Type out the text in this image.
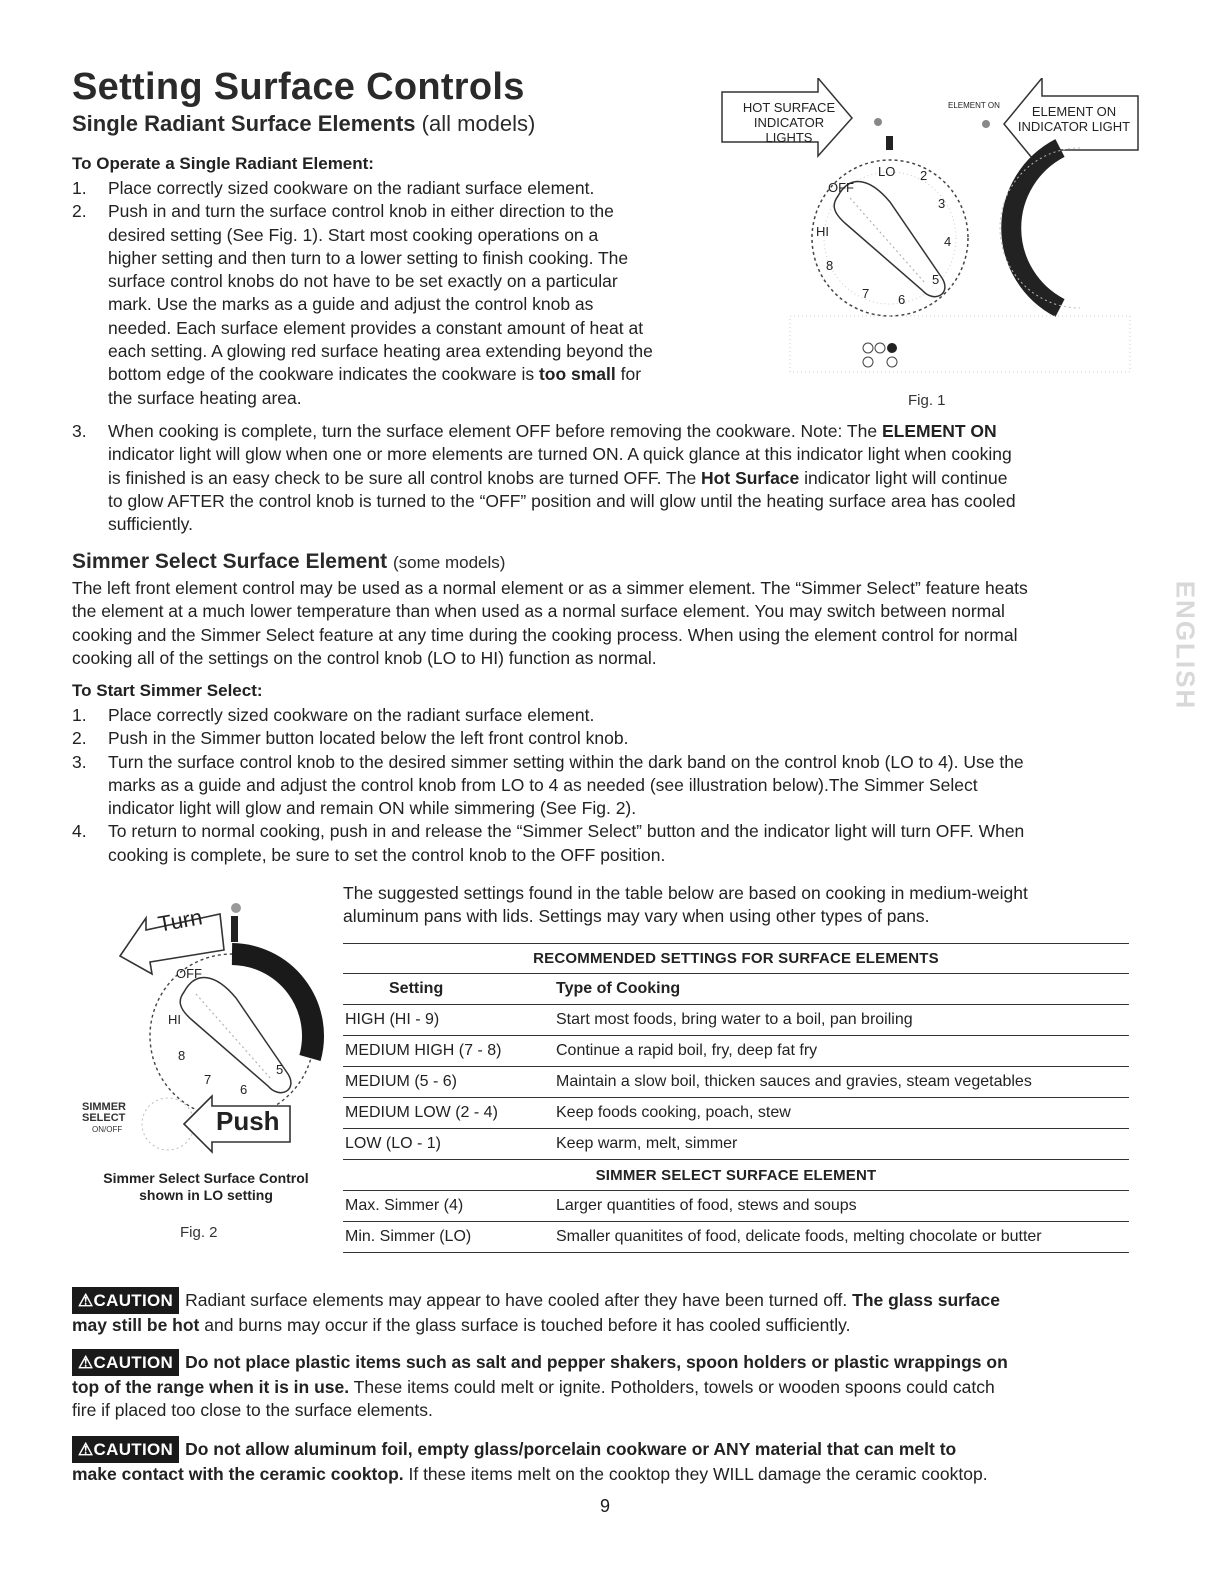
Setting Surface Controls
Single Radiant Surface Elements (all models)
To Operate a Single Radiant Element:
1. Place correctly sized cookware on the radiant surface element.
2. Push in and turn the surface control knob in either direction to the
desired setting (See Fig. 1). Start most cooking operations on a
higher setting and then turn to a lower setting to finish cooking. The
surface control knobs do not have to be set exactly on a particular
mark. Use the marks as a guide and adjust the control knob as
needed. Each surface element provides a constant amount of heat at
each setting. A glowing red surface heating area extending beyond the
bottom edge of the cookware indicates the cookware is too small for
the surface heating area.
3. When cooking is complete, turn the surface element OFF before removing the cookware. Note: The ELEMENT ON
indicator light will glow when one or more elements are turned ON. A quick glance at this indicator light when cooking
is finished is an easy check to be sure all control knobs are turned OFF. The Hot Surface indicator light will continue
to glow AFTER the control knob is turned to the “OFF” position and will glow until the heating surface area has cooled
sufficiently.
LO 2
3
4
5
6
7
8
HI
OFF
HOT SURFACE
INDICATOR LIGHTS
ELEMENT ON	ELEMENT ON
INDICATOR LIGHT
Fig. 1
Simmer Select Surface Element (some models)
The left front element control may be used as a normal element or as a simmer element. The “Simmer Select” feature heats
the element at a much lower temperature than when used as a normal surface element. You may switch between normal
cooking and the Simmer Select feature at any time during the cooking process. When using the element control for normal
cooking all of the settings on the control knob (LO to HI) function as normal.
To Start Simmer Select:
1. Place correctly sized cookware on the radiant surface element.
2. Push in the Simmer button located below the left front control knob.
3. Turn the surface control knob to the desired simmer setting within the dark band on the control knob (LO to 4). Use the
marks as a guide and adjust the control knob from LO to 4 as needed (see illustration below).The Simmer Select
indicator light will glow and remain ON while simmering (See Fig. 2).
4. To return to normal cooking, push in and release the “Simmer Select” button and the indicator light will turn OFF. When
cooking is complete, be sure to set the control knob to the OFF position.
HI
OFF
8
7
6
5
Turn
Push
SIMMER
SELECT
ON/OFF
Simmer Select Surface Control
shown in LO setting
Fig. 2
The suggested settings found in the table below are based on cooking in medium-weight
aluminum pans with lids. Settings may vary when using other types of pans.
RECOMMENDED SETTINGS FOR SURFACE ELEMENTS
Setting	Type of Cooking
HIGH (HI - 9)	Start most foods, bring water to a boil, pan broiling
MEDIUM HIGH (7 - 8)	Continue a rapid boil, fry, deep fat fry
MEDIUM (5 - 6)	Maintain a slow boil, thicken sauces and gravies, steam vegetables
MEDIUM LOW (2 - 4)	Keep foods cooking, poach, stew
LOW (LO - 1)	Keep warm, melt, simmer
SIMMER SELECT SURFACE ELEMENT
Max. Simmer (4)	Larger quantities of food, stews and soups
Min. Simmer (LO)	Smaller quanitites of food, delicate foods, melting chocolate or butter
⚠CAUTION Radiant surface elements may appear to have cooled after they have been turned off. The glass surface
may still be hot and burns may occur if the glass surface is touched before it has cooled sufficiently.
⚠CAUTION Do not place plastic items such as salt and pepper shakers, spoon holders or plastic wrappings on
top of the range when it is in use. These items could melt or ignite. Potholders, towels or wooden spoons could catch
fire if placed too close to the surface elements.
⚠CAUTION Do not allow aluminum foil, empty glass/porcelain cookware or ANY material that can melt to
make contact with the ceramic cooktop. If these items melt on the cooktop they WILL damage the ceramic cooktop.
ENGLISH
9
